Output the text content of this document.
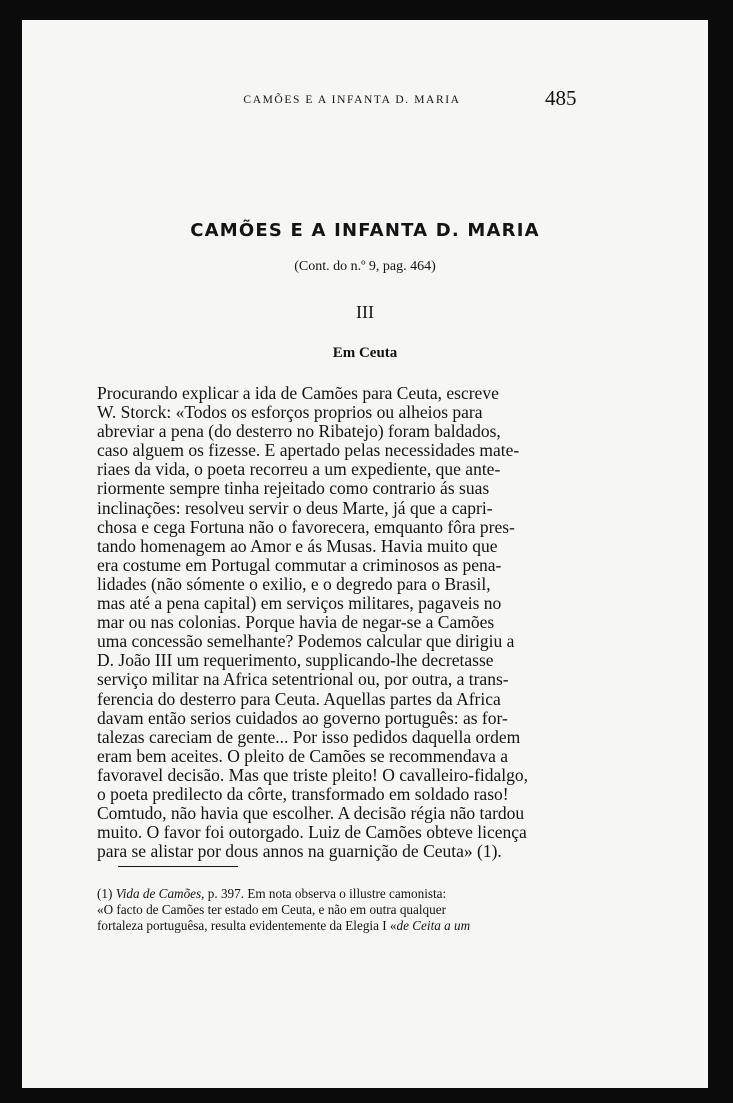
CAMÕES E A INFANTA D. MARIA	485
CAMÕES E A INFANTA D. MARIA
(Cont. do n.º 9, pag. 464)
III
Em Ceuta

Procurando explicar a ida de Camões para Ceuta, escreve
W. Storck: «Todos os esforços proprios ou alheios para
abreviar a pena (do desterro no Ribatejo) foram baldados,
caso alguem os fizesse. E apertado pelas necessidades mate-
riaes da vida, o poeta recorreu a um expediente, que ante-
riormente sempre tinha rejeitado como contrario ás suas
inclinações: resolveu servir o deus Marte, já que a capri-
chosa e cega Fortuna não o favorecera, emquanto fôra pres-
tando homenagem ao Amor e ás Musas. Havia muito que
era costume em Portugal commutar a criminosos as pena-
lidades (não sómente o exilio, e o degredo para o Brasil,
mas até a pena capital) em serviços militares, pagaveis no
mar ou nas colonias. Porque havia de negar-se a Camões
uma concessão semelhante? Podemos calcular que dirigiu a
D. João III um requerimento, supplicando-lhe decretasse
serviço militar na Africa setentrional ou, por outra, a trans-
ferencia do desterro para Ceuta. Aquellas partes da Africa
davam então serios cuidados ao governo português: as for-
talezas careciam de gente... Por isso pedidos daquella ordem
eram bem aceites. O pleito de Camões se recommendava a
favoravel decisão. Mas que triste pleito! O cavalleiro-fidalgo,
o poeta predilecto da côrte, transformado em soldado raso!
Comtudo, não havia que escolher. A decisão régia não tardou
muito. O favor foi outorgado. Luiz de Camões obteve licença
para se alistar por dous annos na guarnição de Ceuta» (1).

(1) Vida de Camões, p. 397. Em nota observa o illustre camonista:
«O facto de Camões ter estado em Ceuta, e não em outra qualquer
fortaleza portuguêsa, resulta evidentemente da Elegia I «de Ceita a um
